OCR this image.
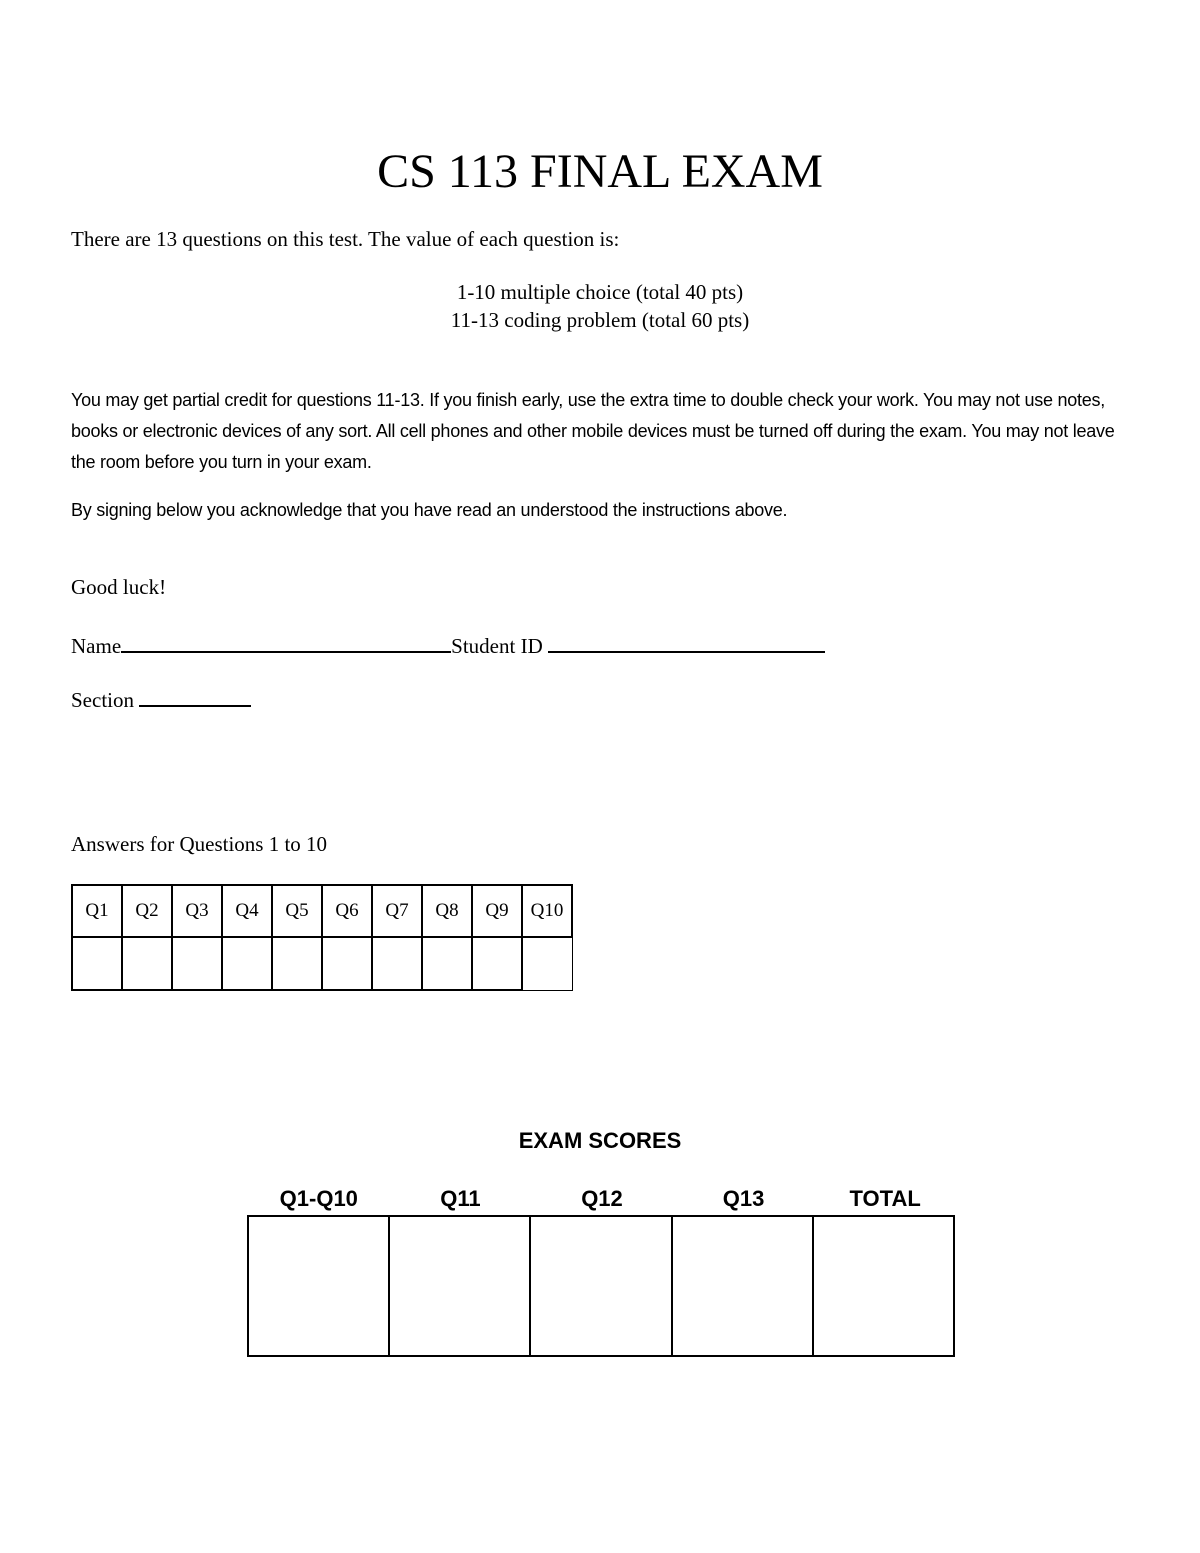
CS 113 FINAL EXAM
There are 13 questions on this test. The value of each question is:
1-10 multiple choice (total 40 pts)
11-13 coding problem (total 60 pts)
You may get partial credit for questions 11-13. If you finish early, use the extra time to double check your work. You may not use notes, books or electronic devices of any sort. All cell phones and other mobile devices must be turned off during the exam. You may not leave the room before you turn in your exam.
By signing below you acknowledge that you have read an understood the instructions above.
Good luck!
Name	Student ID
Section
Answers for Questions 1 to 10
Q1	Q2	Q3	Q4	Q5	Q6	Q7	Q8	Q9	Q10

EXAM SCORES
Q1-Q10	Q11	Q12	Q13	TOTAL
